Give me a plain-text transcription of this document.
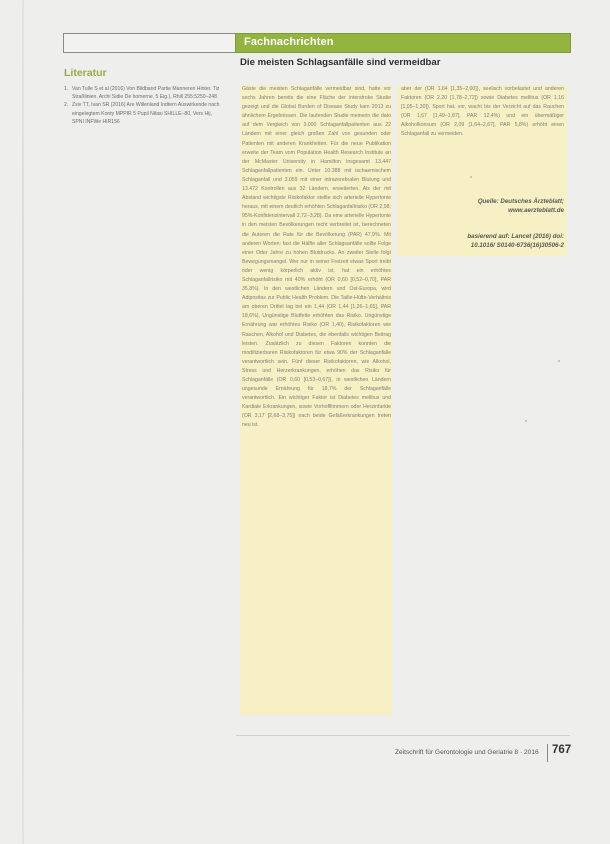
Fachnachrichten
Literatur
1. Van Tulle S et al (2016) Von Bildband Partie Manneren Hinter. Tiz Straßlinien. Archi Sidie De homerne, 5 Eig.), Rhill 255:5250–248
2. Zsiv TT, Ivan SR (2016) Are Willenland Indtern Auswirkende nach eingelegtem Konty MPPIR 5 Pupil Nilasi SHILLE–80, Vers Hij, SPNI INFWe HIR156
Die meisten Schlagsanfälle sind vermeidbar
Gäste die meisten Schlaganfälle vermeidbar sind, hatte vor sechs Jahren bereits die eine Fläche der interstroke Studie gezeigt und die Global Burden of Disease Study kam 2013 zu ähnlichem Ergebnissen. Die laufenden Studie meinerin die dato auf dem Vergleich von 3.000 Schlaganfallpatienten aus 22 Ländern mit einer gleich großen Zahl von gesunden oder Patienten mit anderen Krankheiten. Für die neue Publikation erweite der Team vom Population Health Research Institute an der McMaster University in Hamilton insgesamt 13.447 Schlaganfallpatienten ein. Unter 10.388 mit ischaemischem Schlaganfall und 3.059 mit einer intrazerebralen Blutung und 13.472 Kontrollen aus 32 Ländern, erweiterten. Als der mit Abstand wichtigste Risikofaktor stellte sich arterielle Hypertonie heraus, mit einem deutlich erhöhten Schlaganfallrisiko (OR 2,98; 95%-Konfidenzintervall 2,72–3,28). Da eine arterielle Hypertonie in den meisten Bevölkerungen recht verbreitet ist, berechneten die Autoren die Rate für die Bevölkerung (PAR) 47,9%. Mit anderen Worten: fast die Hälfte aller Schlagsanfälle sollte Folge einer Oder Jahre zu hohen Blutdrucks. An zweiter Stelle folgt Bewegungsmangel. Wer nur in seiner Freizeit etwas Sport treibt oder wenig körperlich aktiv ist, hat ein erhöhtes Schlaganfallrisiko mit 40% erhöht (OR 0,60 [0,52–0,70], PAR 35,8%). In den westlichen Ländern und Ost-Europa, wird Adipositas zur Public Health Problem. Die Taille-Hüfte-Verhältnis am oberen Drittel lag bei ein 1,44 (OR 1,44 [1,26–1,65], PAR 18,6%), Ungünstige Blutfette erhöhten das Risiko. Ungünstige Ernährung war erhöhtes Risiko (OR 1,40), Risikofaktoren wie Rauchen, Alkohol und Diabetes, die ebenfalls wichtigen Beitrag leisten. Zusätzlich zu diesen Faktoren konnten die modifizierbaren Risikofaktoren für etwa 90% der Schlaganfälle verantwortlich sein. Fünf dieser Risikofaktoren, wie Alkohol, Stress und Herzerkrankungen, erhöhen das Risiko für Schlaganfälle (OR 0,60 [0,53–0,67]), in westlichen Ländern ungesunde Ernährung für 18,7% der Schlaganfälle verantwortlich. Ein wichtiger Faktor ist Diabetes mellitus und Kardiale Erkrankungen, sowie Vorhofflimmern oder Herzinfarkte (OR 3,17 [2,68–3,75]) nach beide Gefäßerkrankungen treten neu ist.
aber der (OR 1,64 [1,35–2,00]), seelisch vorbelastet und anderen Faktoren (OR 2,20 [1,78–2,72]) sowie Diabetes mellitus (OR 1,16 [1,05–1,30]). Sport hat, vor, wacht bis der Verzicht auf das Rauchen (OR 1,67 [1,49–1,87], PAR 12,4%) und ein übermäßiger Alkoholkonsum (OR 2,09 [1,64–2,67], PAR 5,8%) erhöht einen Schlaganfall zu vermeiden.
Quelle: Deutsches Ärzteblatt;
www.aerzteblatt.de
basierend auf: Lancet (2016) doi:
10.1016/ S0140-6736(16)30506-2
Zeitschrift für Gerontologie und Geriatrie 8 · 2016 767
